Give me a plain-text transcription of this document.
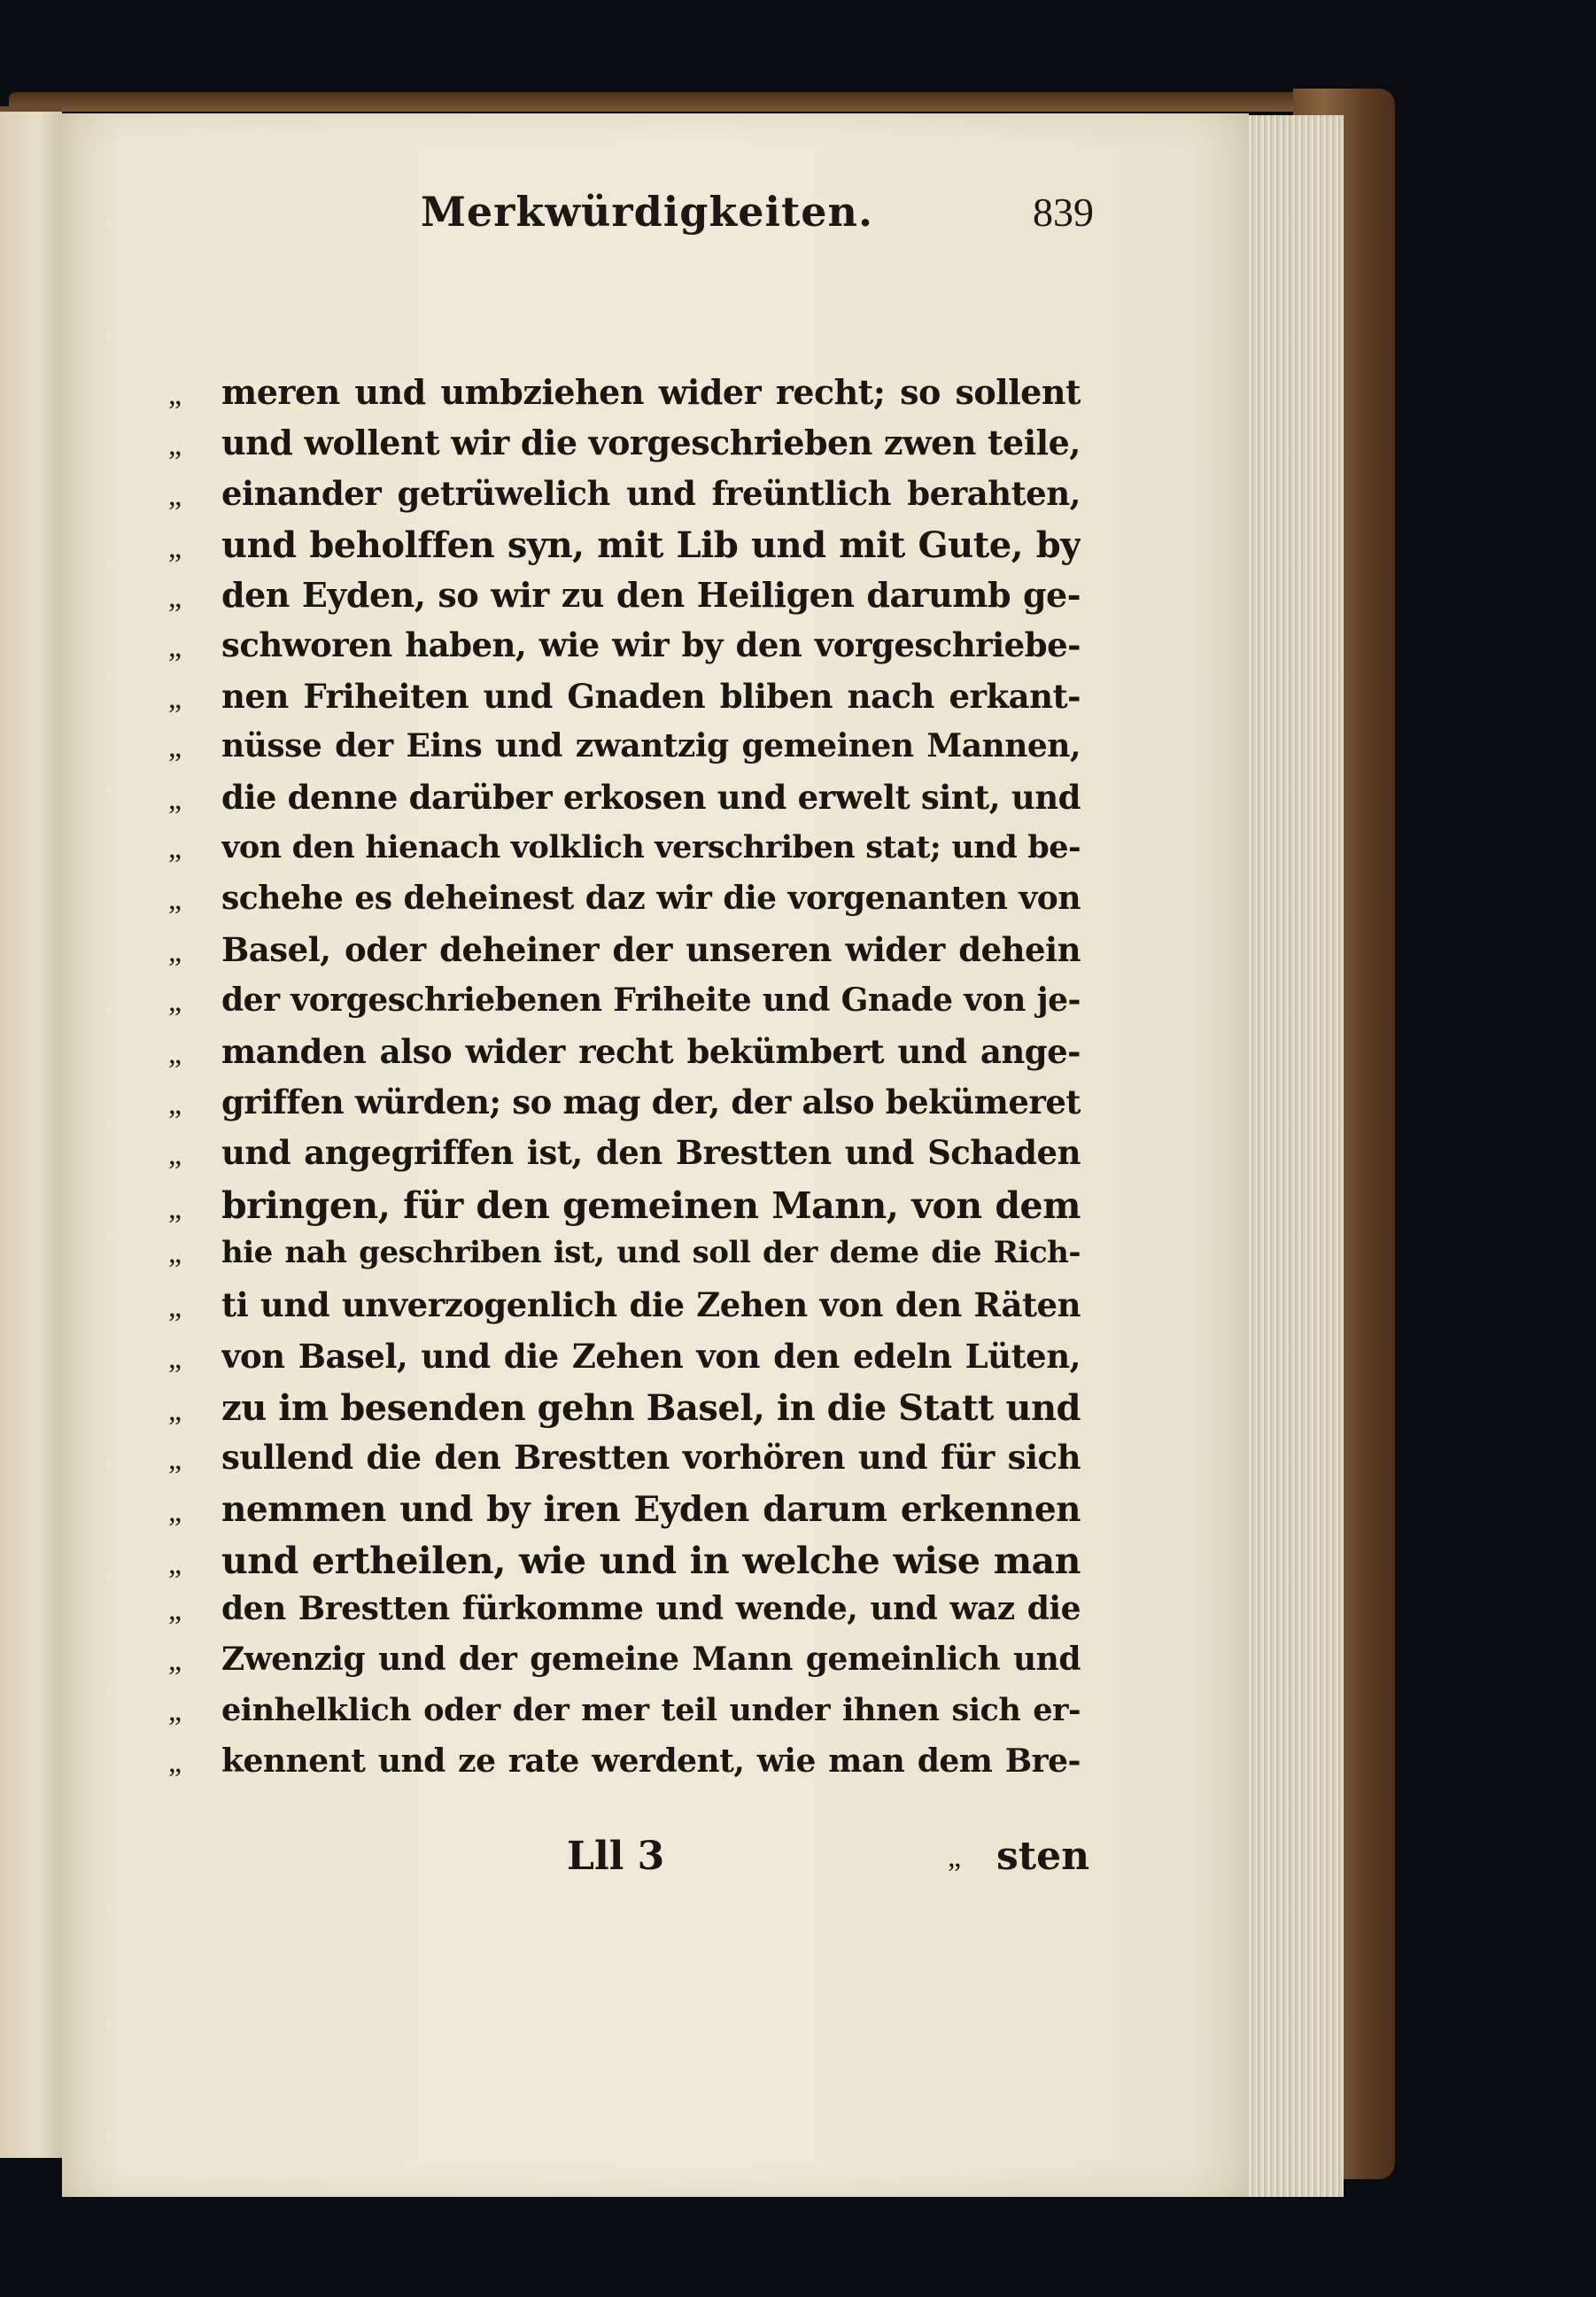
Merkwürdigkeiten.	839
„	meren und umbziehen wider recht; so sollent
„	und wollent wir die vorgeschrieben zwen teile,
„	einander getrüwelich und freüntlich berahten,
„	und beholffen syn, mit Lib und mit Gute, by
„	den Eyden, so wir zu den Heiligen darumb ge-
„	schworen haben, wie wir by den vorgeschriebe-
„	nen Friheiten und Gnaden bliben nach erkant-
„	nüsse der Eins und zwantzig gemeinen Mannen,
„	die denne darüber erkosen und erwelt sint, und
„	von den hienach volklich verschriben stat; und be-
„	schehe es deheinest daz wir die vorgenanten von
„	Basel, oder deheiner der unseren wider dehein
„	der vorgeschriebenen Friheite und Gnade von je-
„	manden also wider recht bekümbert und ange-
„	griffen würden; so mag der, der also bekümeret
„	und angegriffen ist, den Brestten und Schaden
„	bringen, für den gemeinen Mann, von dem
„	hie nah geschriben ist, und soll der deme die Rich-
„	ti und unverzogenlich die Zehen von den Räten
„	von Basel, und die Zehen von den edeln Lüten,
„	zu im besenden gehn Basel, in die Statt und
„	sullend die den Brestten vorhören und für sich
„	nemmen und by iren Eyden darum erkennen
„	und ertheilen, wie und in welche wise man
„	den Brestten fürkomme und wende, und waz die
„	Zwenzig und der gemeine Mann gemeinlich und
„	einhelklich oder der mer teil under ihnen sich er-
„	kennent und ze rate werdent, wie man dem Bre-
Lll 3	„ sten
